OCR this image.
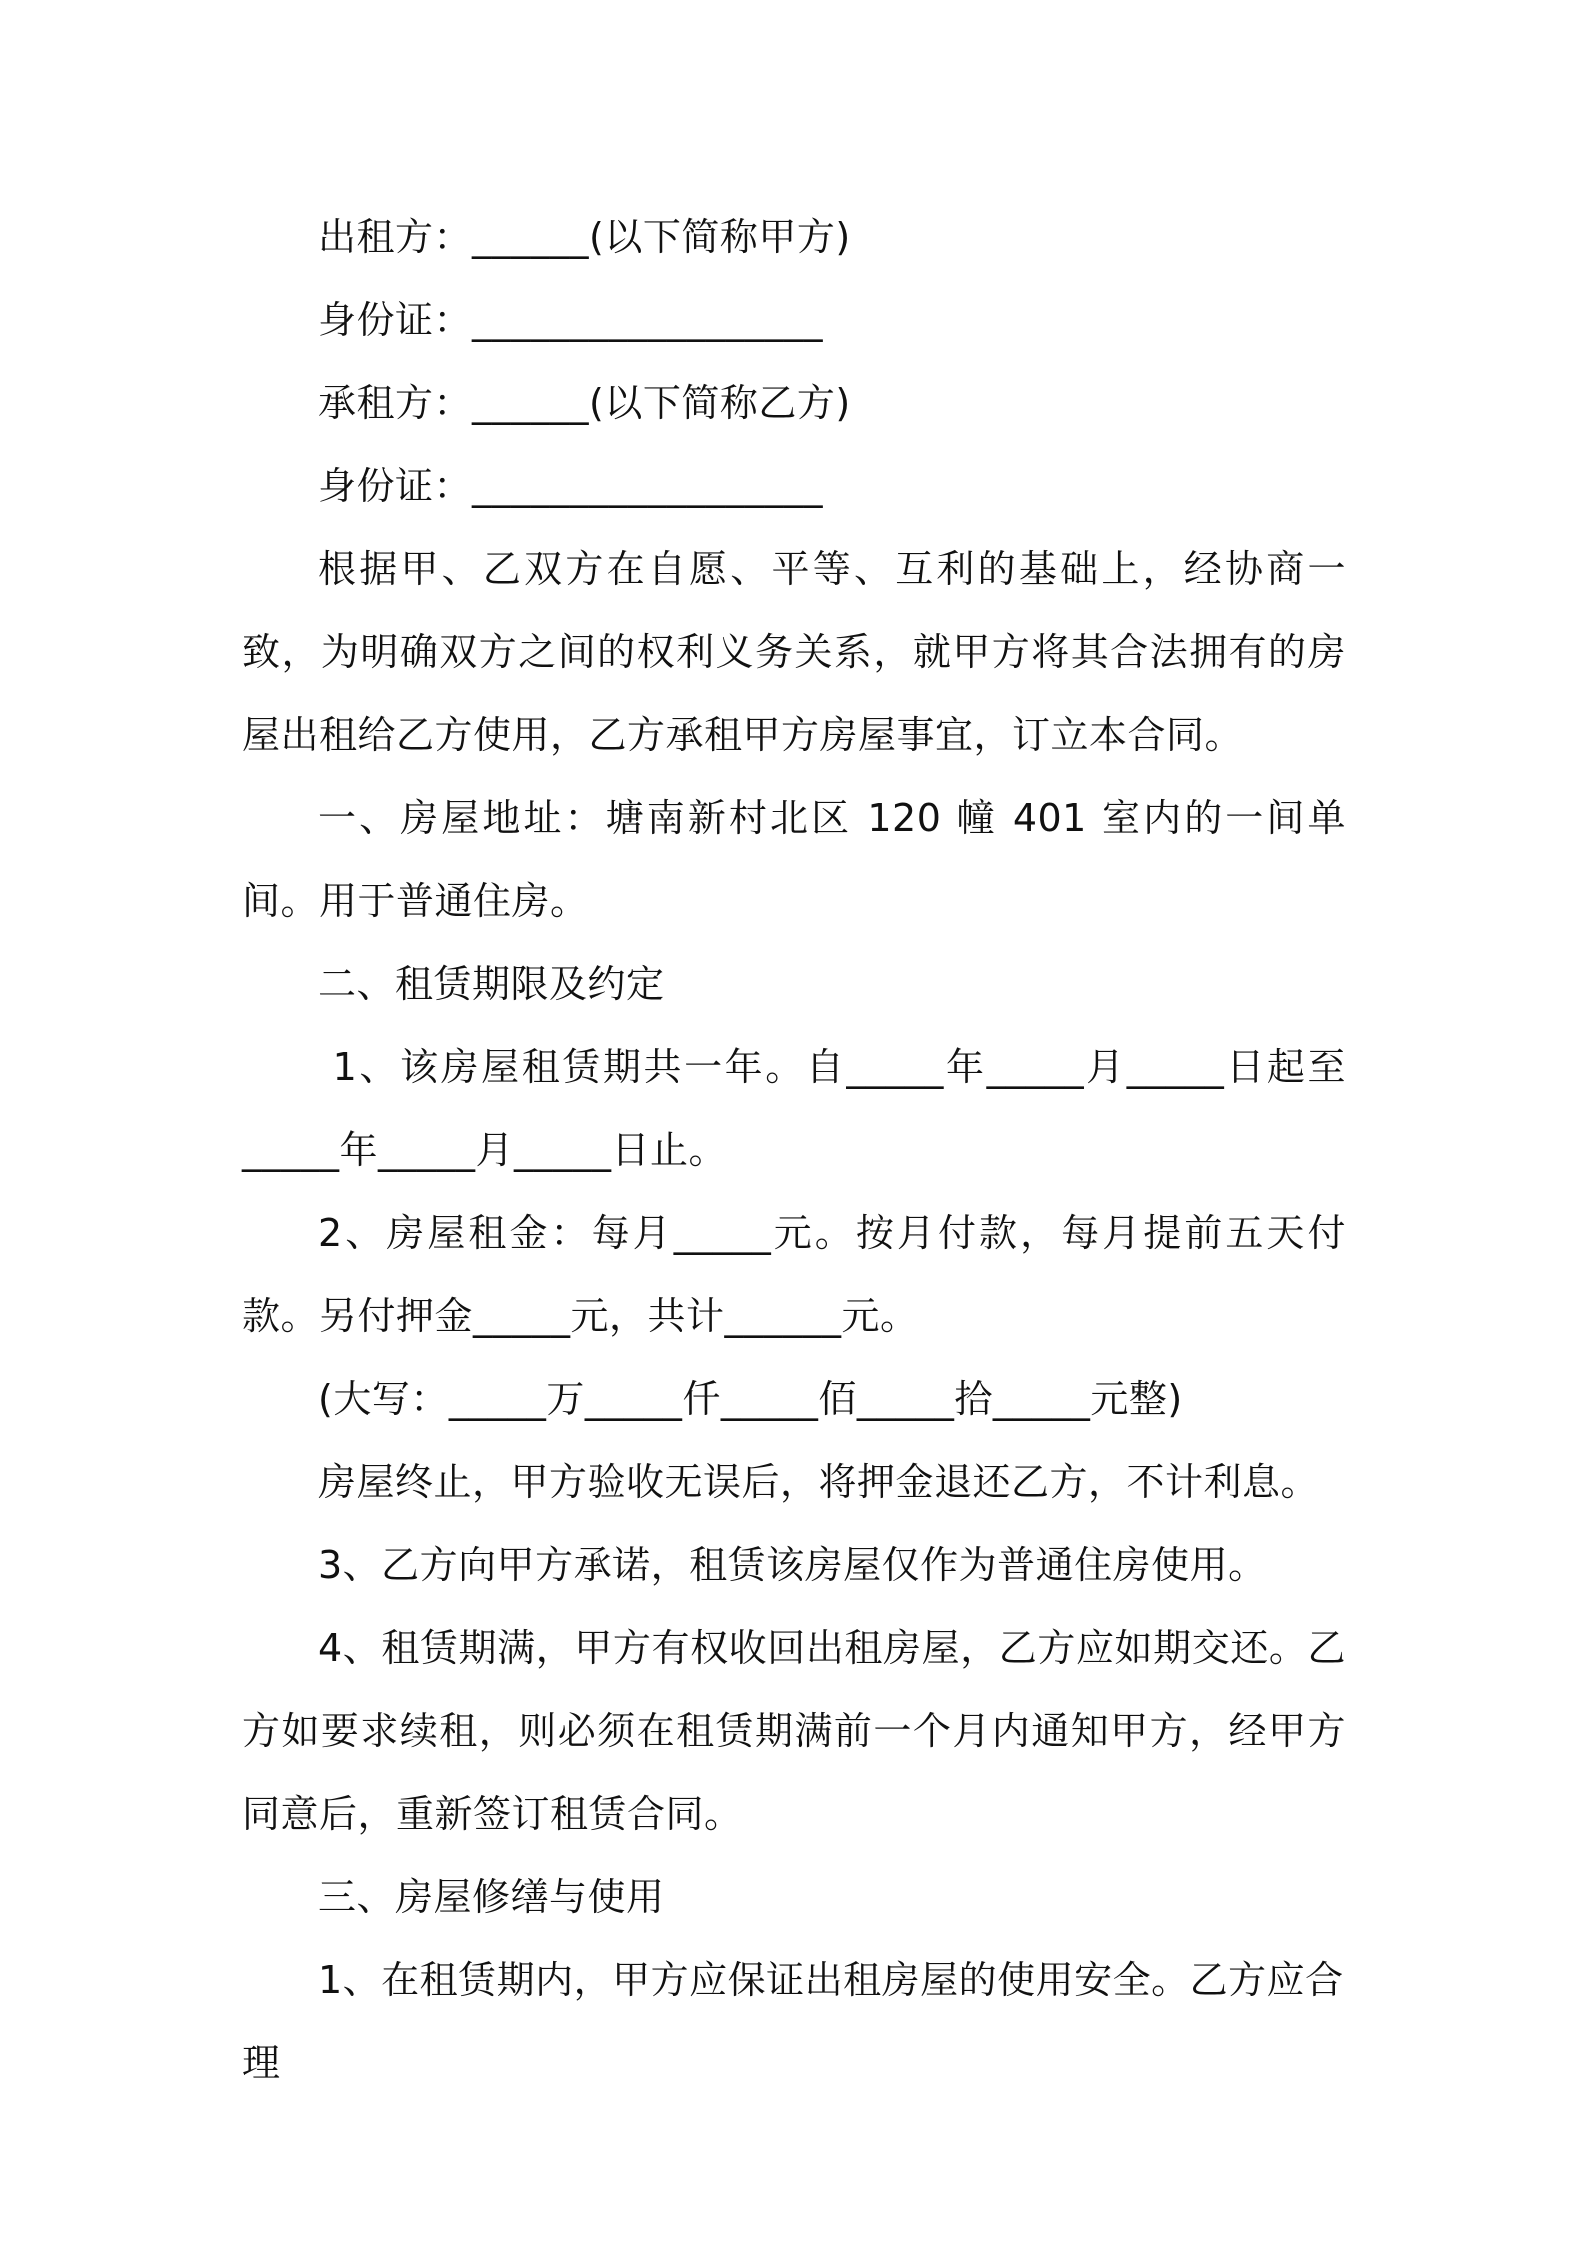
出租方：______(以下简称甲方)

身份证：__________________

承租方：______(以下简称乙方)

身份证：__________________

根据甲、乙双方在自愿、平等、互利的基础上，经协商一致，为明确双方之间的权利义务关系，就甲方将其合法拥有的房屋出租给乙方使用，乙方承租甲方房屋事宜，订立本合同。

一、房屋地址：塘南新村北区 120 幢 401 室内的一间单间。用于普通住房。

二、租赁期限及约定

1、该房屋租赁期共一年。自_____年_____月_____日起至_____年_____月_____日止。

2、房屋租金：每月_____元。按月付款，每月提前五天付款。另付押金_____元，共计______元。

(大写：_____万_____仟_____佰_____拾_____元整)

房屋终止，甲方验收无误后，将押金退还乙方，不计利息。

3、乙方向甲方承诺，租赁该房屋仅作为普通住房使用。

4、租赁期满，甲方有权收回出租房屋，乙方应如期交还。乙方如要求续租，则必须在租赁期满前一个月内通知甲方，经甲方同意后，重新签订租赁合同。

三、房屋修缮与使用

1、在租赁期内，甲方应保证出租房屋的使用安全。乙方应合理
